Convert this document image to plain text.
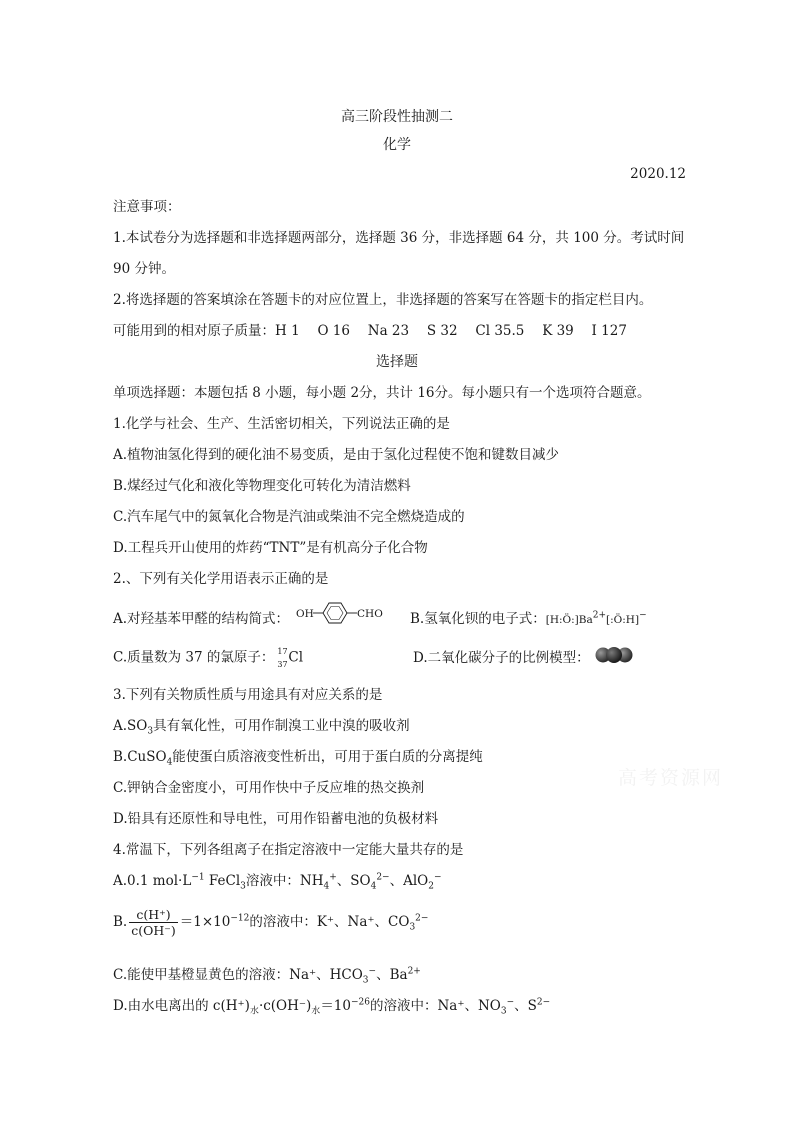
高三阶段性抽测二
化学
2020.12
注意事项：
1.本试卷分为选择题和非选择题两部分，选择题 36 分，非选择题 64 分，共 100 分。考试时间
90 分钟。
2.将选择题的答案填涂在答题卡的对应位置上，非选择题的答案写在答题卡的指定栏目内。
可能用到的相对原子质量：H 1　 O 16　 Na 23　 S 32　 Cl 35.5　 K 39　 I 127
选择题
单项选择题：本题包括 8 小题，每小题 2分，共计 16分。每小题只有一个选项符合题意。
1.化学与社会、生产、生活密切相关，下列说法正确的是
A.植物油氢化得到的硬化油不易变质，是由于氢化过程使不饱和键数目减少
B.煤经过气化和液化等物理变化可转化为清洁燃料
C.汽车尾气中的氮氧化合物是汽油或柴油不完全燃烧造成的
D.工程兵开山使用的炸药“TNT”是有机高分子化合物
2.、下列有关化学用语表示正确的是
A.对羟基苯甲醛的结构简式： OH	CHO B.氢氧化钡的电子式：$[H:Ö:]Ba^{2+}[:Ö:H]^-$
C.质量数为 37 的氯原子： 17
37 Cl	D.二氧化碳分子的比例模型：
3.下列有关物质性质与用途具有对应关系的是
$A.SO_3$具有氧化性，可用作制溴工业中溴的吸收剂
B.CuSO$_4$能使蛋白质溶液变性析出，可用于蛋白质的分离提纯
C.钾钠合金密度小，可用作快中子反应堆的热交换剂
D.铅具有还原性和导电性，可用作铅蓄电池的负极材料
4.常温下，下列各组离子在指定溶液中一定能大量共存的是
A.0.1 $mol\cdot L^{-1}$ FeCl$_3$溶液中：$NH_4^+$、$SO_4^{2-}$、AlO$_2$−
B. $\frac{c(H^+)}{c(OH^-)} =1\times 10^{-12}$的溶液中：K⁺、Na⁺、$CO_3^{2-}$
C.能使甲基橙显黄色的溶液：Na⁺、$HCO_3^-$、$Ba^{2+}$
D.由水电离出的 $c(H^+)_水\cdot c(OH^-)_水=10^{-26}$的溶液中：Na⁺、$NO_3^-$、$S^{2-}$
高考资源网
